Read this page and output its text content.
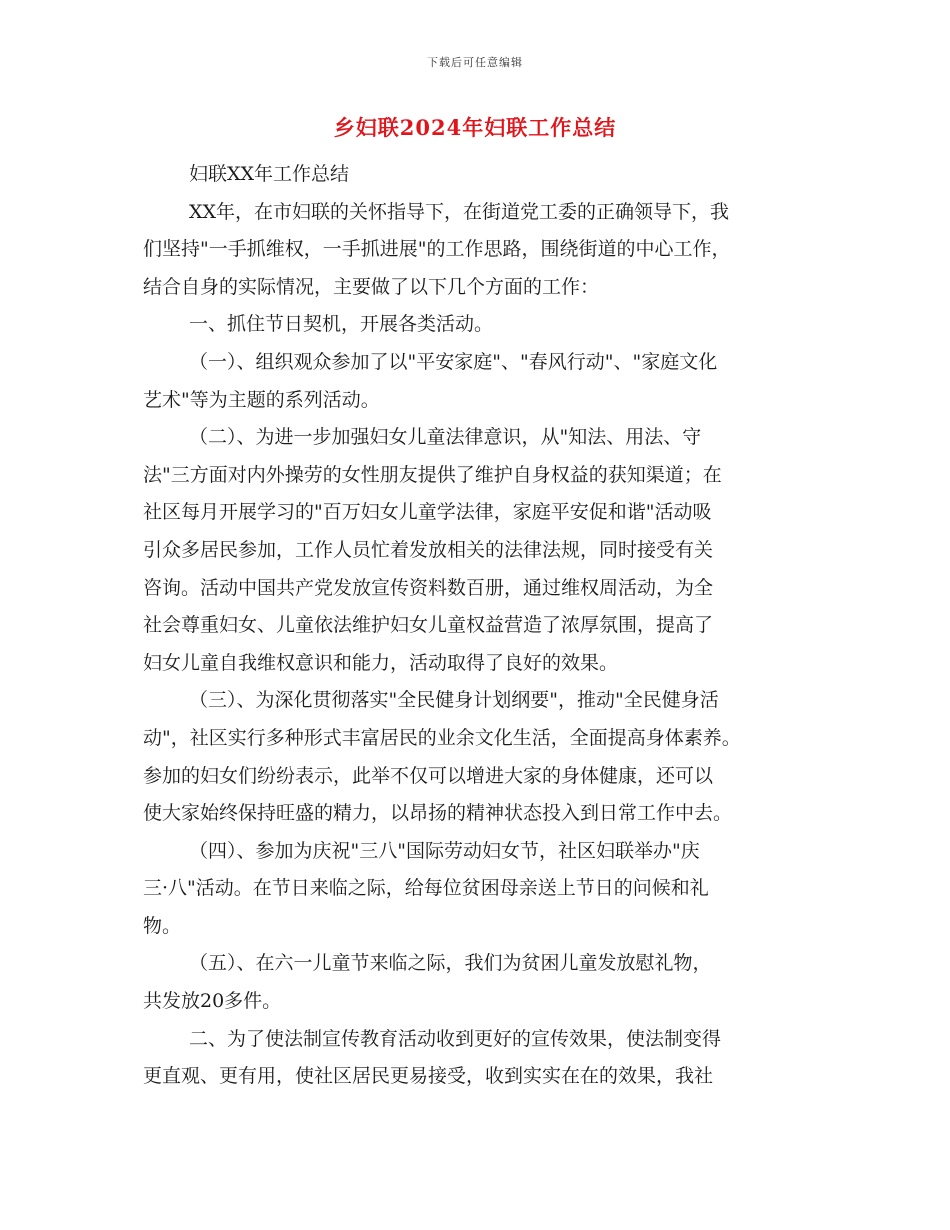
下载后可任意编辑
乡妇联2024年妇联工作总结
妇联XX年工作总结
XX年，在市妇联的关怀指导下，在街道党工委的正确领导下，我
们坚持"一手抓维权，一手抓进展"的工作思路，围绕街道的中心工作，
结合自身的实际情况，主要做了以下几个方面的工作：
一、抓住节日契机，开展各类活动。
（一）、组织观众参加了以"平安家庭"、"春风行动"、"家庭文化
艺术"等为主题的系列活动。
（二）、为进一步加强妇女儿童法律意识，从"知法、用法、守
法"三方面对内外操劳的女性朋友提供了维护自身权益的获知渠道；在
社区每月开展学习的"百万妇女儿童学法律，家庭平安促和谐"活动吸
引众多居民参加，工作人员忙着发放相关的法律法规，同时接受有关
咨询。活动中国共产党发放宣传资料数百册，通过维权周活动，为全
社会尊重妇女、儿童依法维护妇女儿童权益营造了浓厚氛围，提高了
妇女儿童自我维权意识和能力，活动取得了良好的效果。
（三）、为深化贯彻落实"全民健身计划纲要"，推动"全民健身活
动"，社区实行多种形式丰富居民的业余文化生活，全面提高身体素养。
参加的妇女们纷纷表示，此举不仅可以增进大家的身体健康，还可以
使大家始终保持旺盛的精力，以昂扬的精神状态投入到日常工作中去。
（四）、参加为庆祝"三八"国际劳动妇女节，社区妇联举办"庆
三·八"活动。在节日来临之际，给每位贫困母亲送上节日的问候和礼
物。
（五）、在六一儿童节来临之际，我们为贫困儿童发放慰礼物，
共发放20多件。
二、为了使法制宣传教育活动收到更好的宣传效果，使法制变得
更直观、更有用，使社区居民更易接受，收到实实在在的效果，我社
